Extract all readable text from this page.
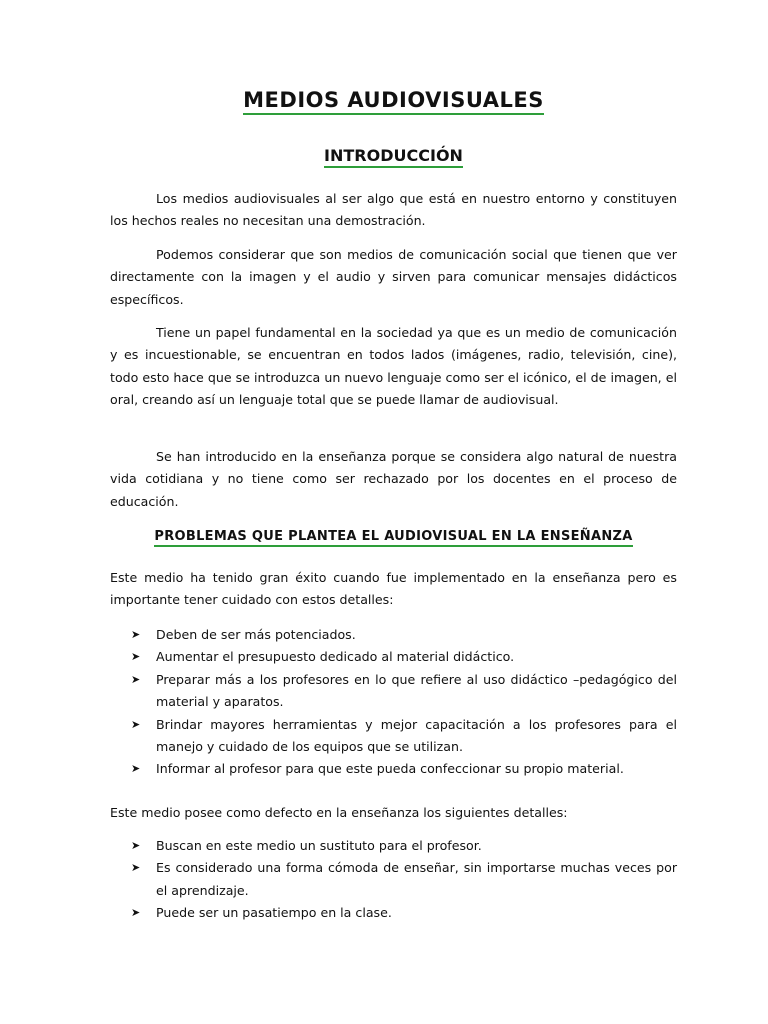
MEDIOS AUDIOVISUALES
INTRODUCCIÓN

Los medios audiovisuales al ser algo que está en nuestro entorno y constituyen los hechos reales no necesitan una demostración.

Podemos considerar que son medios de comunicación social que tienen que ver directamente con la imagen y el audio y sirven para comunicar mensajes didácticos específicos.

Tiene un papel fundamental en la sociedad ya que es un medio de comunicación y es incuestionable, se encuentran en todos lados (imágenes, radio, televisión, cine), todo esto hace que se introduzca un nuevo lenguaje como ser el icónico, el de imagen, el oral, creando así un lenguaje total que se puede llamar de audiovisual.

Se han introducido en la enseñanza porque se considera algo natural de nuestra vida cotidiana y no tiene como ser rechazado por los docentes en el proceso de educación.

PROBLEMAS QUE PLANTEA EL AUDIOVISUAL EN LA ENSEÑANZA

Este medio ha tenido gran éxito cuando fue implementado en la enseñanza pero es importante tener cuidado con estos detalles:

➤ Deben de ser más potenciados.
➤ Aumentar el presupuesto dedicado al material didáctico.
➤ Preparar más a los profesores en lo que refiere al uso didáctico –pedagógico del material y aparatos.
➤ Brindar mayores herramientas y mejor capacitación a los profesores para el manejo y cuidado de los equipos que se utilizan.
➤ Informar al profesor para que este pueda confeccionar su propio material.

Este medio posee como defecto en la enseñanza los siguientes detalles:

➤ Buscan en este medio un sustituto para el profesor.
➤ Es considerado una forma cómoda de enseñar, sin importarse muchas veces por el aprendizaje.
➤ Puede ser un pasatiempo en la clase.
